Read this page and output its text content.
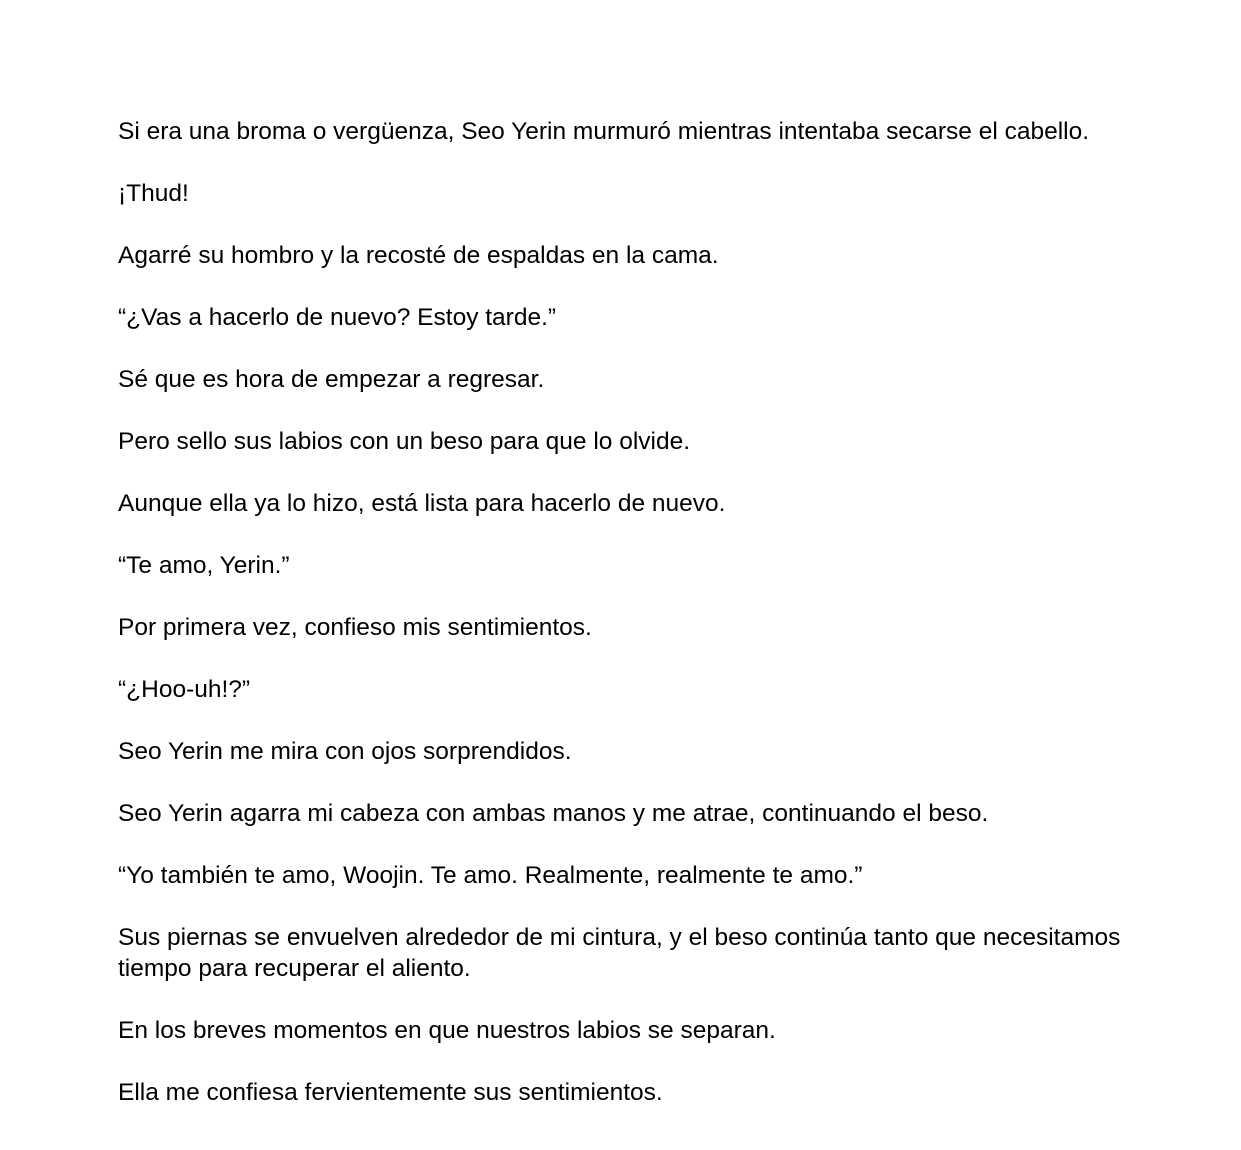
Si era una broma o vergüenza, Seo Yerin murmuró mientras intentaba secarse el cabello.

¡Thud!

Agarré su hombro y la recosté de espaldas en la cama.

“¿Vas a hacerlo de nuevo? Estoy tarde.”

Sé que es hora de empezar a regresar.

Pero sello sus labios con un beso para que lo olvide.

Aunque ella ya lo hizo, está lista para hacerlo de nuevo.

“Te amo, Yerin.”

Por primera vez, confieso mis sentimientos.

“¿Hoo-uh!?”

Seo Yerin me mira con ojos sorprendidos.

Seo Yerin agarra mi cabeza con ambas manos y me atrae, continuando el beso.

“Yo también te amo, Woojin. Te amo. Realmente, realmente te amo.”

Sus piernas se envuelven alrededor de mi cintura, y el beso continúa tanto que necesitamos tiempo para recuperar el aliento.

En los breves momentos en que nuestros labios se separan.

Ella me confiesa fervientemente sus sentimientos.
